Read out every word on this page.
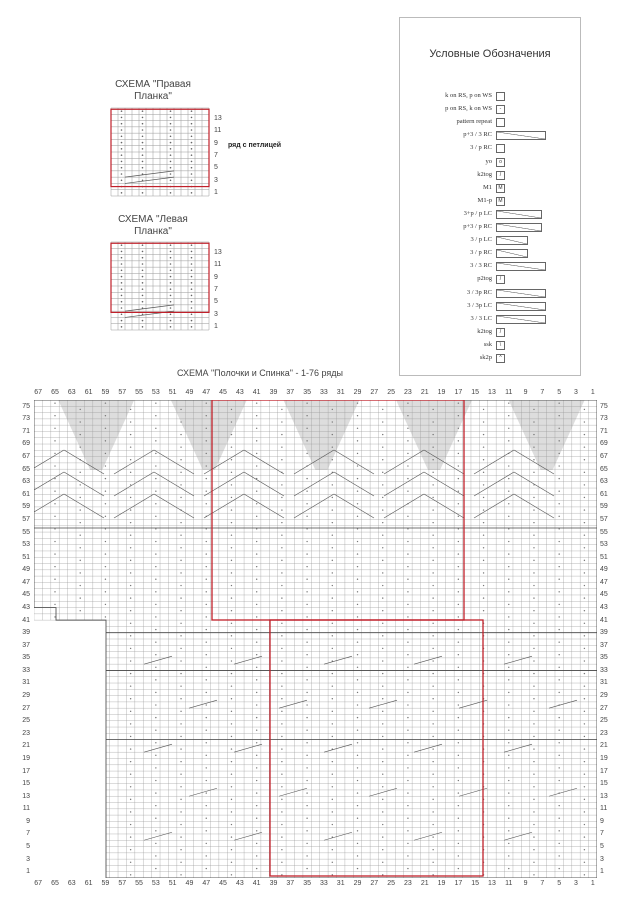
СХЕМА "Правая Планка"
13
11
9
7
5
3
1
ряд с петлицей
СХЕМА "Левая Планка"
13
11
9
7
5
3
1
Условные Обозначения
k on RS, p on WS
p on RS, k on WS	-
pattern repeat
p+3 / 3 RC
3 / p RC
yo	o
k2tog	/
M1	M
M1-p	M
3+p / p LC
p+3 / p RC
3 / p LC
3 / p RC
3 / 3 RC
p2tog	/
3 / 3p RC
3 / 3p LC
3 / 3 LC
k2tog	/
ssk	\
sk2p	^
СХЕМА "Полочки и Спинка" - 1-76 ряды
67	65	63	61	59	57	55	53	51	49	47	45	43	41	39	37	35	33	31	29	27	25	23	21	19	17	15	13	11	9	7	5	3	1
67	65	63	61	59	57	55	53	51	49	47	45	43	41	39	37	35	33	31	29	27	25	23	21	19	17	15	13	11	9	7	5	3	1
75	75
73	73
71	71
69	69
67	67
65	65
63	63
61	61
59	59
57	57
55	55
53	53
51	51
49	49
47	47
45	45
43	43
41	41
39	39
37	37
35	35
33	33
31	31
29	29
27	27
25	25
23	23
21	21
19	19
17	17
15	15
13	13
11	11
9	9
7	7
5	5
3	3
1	1
